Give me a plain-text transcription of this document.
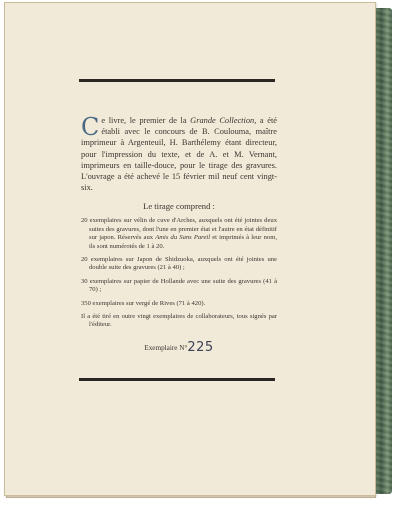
Ce livre, le premier de la Grande Collection, a été établi avec le concours de B. Coulouma, maître imprimeur à Argenteuil, H. Barthélemy étant directeur, pour l'impression du texte, et de A. et M. Vernant, imprimeurs en taille-douce, pour le tirage des gravures. L'ouvrage a été achevé le 15 février mil neuf cent vingt-six.

Le tirage comprend :
20 exemplaires sur vélin de cuve d'Arches, auxquels ont été jointes deux suites des gravures, dont l'une en premier état et l'autre en état définitif sur japon. Réservés aux Amis du Sans Pareil et imprimés à leur nom, ils sont numérotés de 1 à 20.
20 exemplaires sur Japon de Shidzuoka, auxquels ont été jointes une double suite des gravures (21 à 40) ;
30 exemplaires sur papier de Hollande avec une suite des gravures (41 à 70) ;
350 exemplaires sur vergé de Rives (71 à 420).
Il a été tiré en outre vingt exemplaires de collaborateurs, tous signés par l'éditeur.
Exemplaire N°225
